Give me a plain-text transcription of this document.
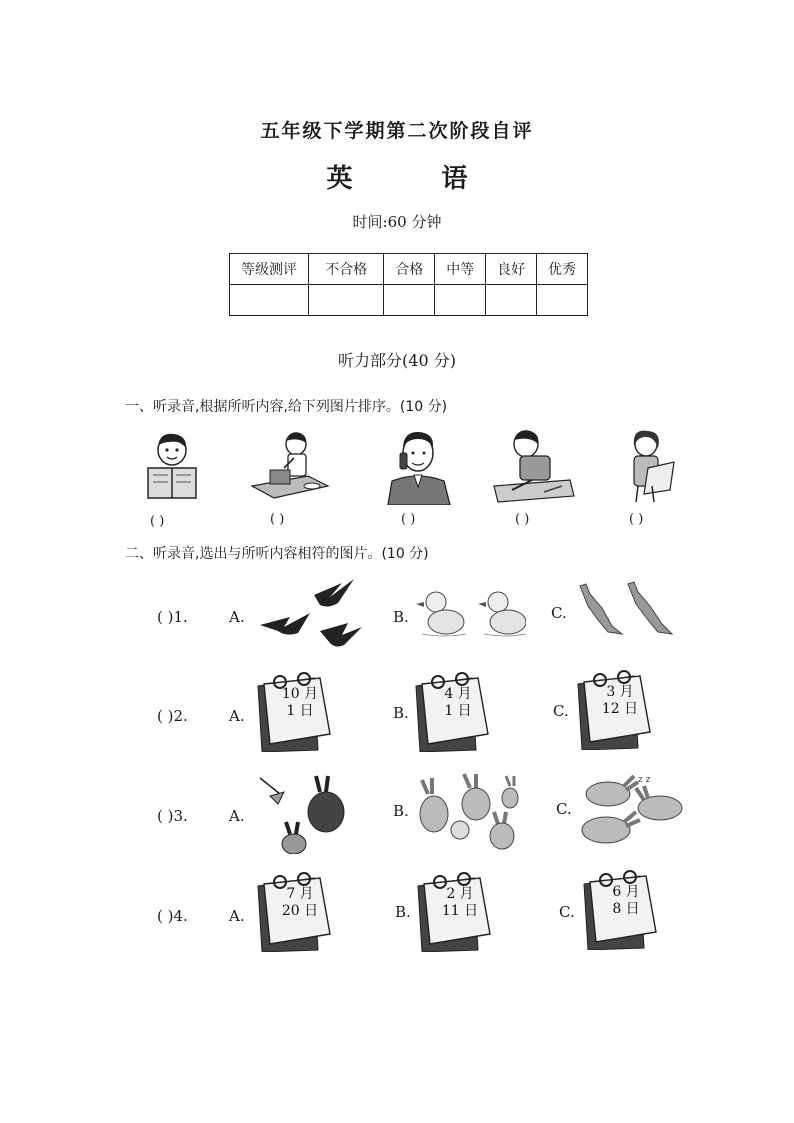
五年级下学期第二次阶段自评
英 语
时间:60 分钟
等级测评	不合格	合格	中等	良好	优秀

听力部分(40 分)
一、听录音,根据所听内容,给下列图片排序。(10 分)
( )	( )	( )	( )	( )
二、听录音,选出与所听内容相符的图片。(10 分)
( )1.	A.	B.	C.
( )2.	A.
10 月
1 日	B.
4 月
1 日	C.
3 月
12 日
( )3.	A.	B.	C.
z z
( )4.	A.
7 月
20 日	B.
2 月
11 日	C.
6 月
8 日
